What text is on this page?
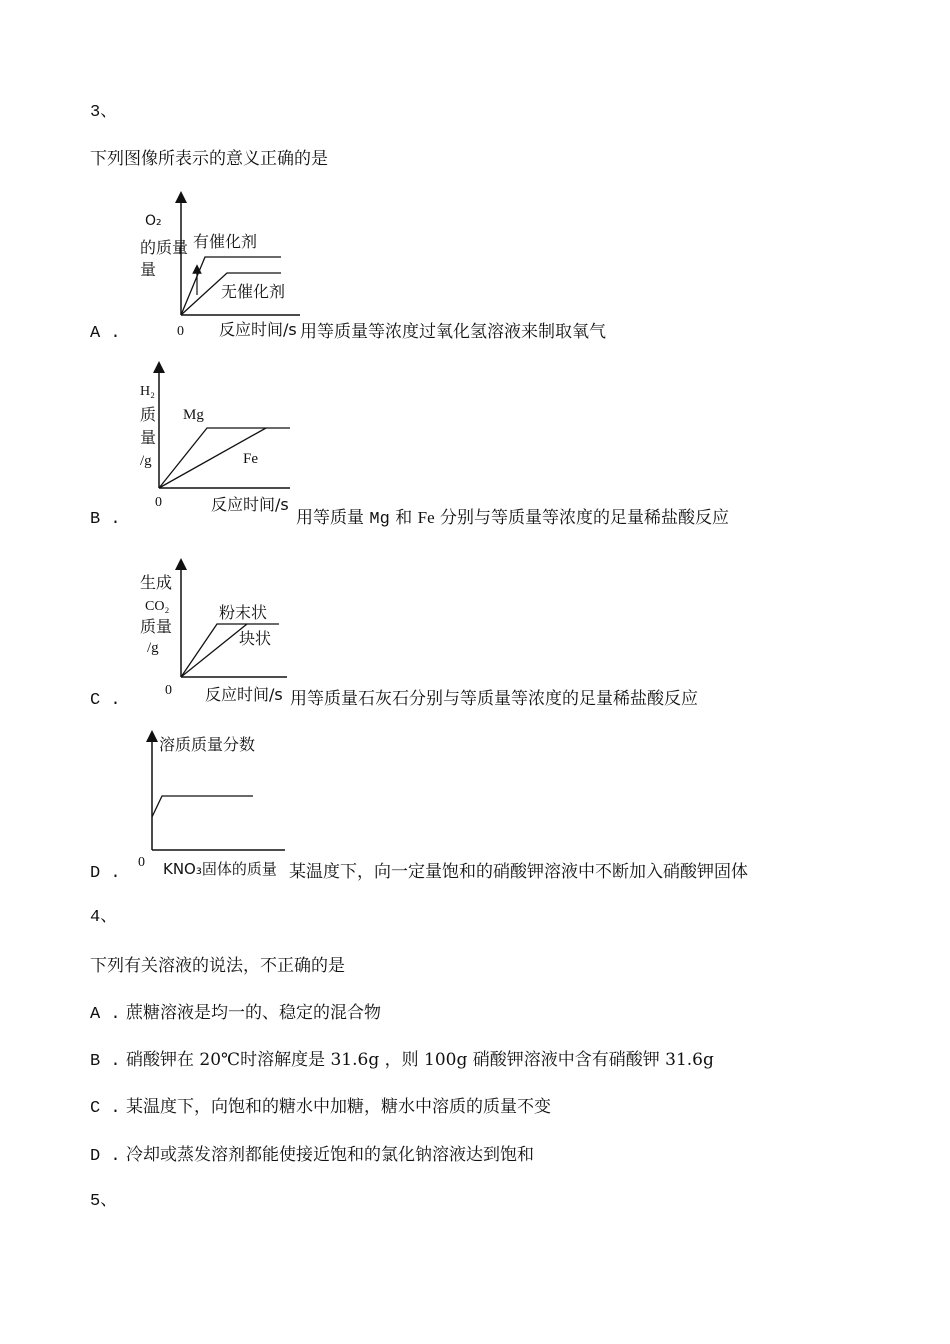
3、
下列图像所表示的意义正确的是
O₂
的质量
量
有催化剂
无催化剂
0 反应时间/s
A .	用等质量等浓度过氧化氢溶液来制取氧气
H₂
质
量
/g
Mg
Fe
0	反应时间/s
B .	用等质量 Mg 和 Fe 分别与等质量等浓度的足量稀盐酸反应
生成
CO₂
质量
/g
粉末状
块状
0 反应时间/s
C .	用等质量石灰石分别与等质量等浓度的足量稀盐酸反应
溶质质量分数
0 KNO₃固体的质量
D .	某温度下，向一定量饱和的硝酸钾溶液中不断加入硝酸钾固体
4、
下列有关溶液的说法，不正确的是
A . 蔗糖溶液是均一的、稳定的混合物
B . 硝酸钾在 20℃时溶解度是 31.6g ，则 100g 硝酸钾溶液中含有硝酸钾 31.6g
C . 某温度下，向饱和的糖水中加糖，糖水中溶质的质量不变
D . 冷却或蒸发溶剂都能使接近饱和的氯化钠溶液达到饱和
5、
